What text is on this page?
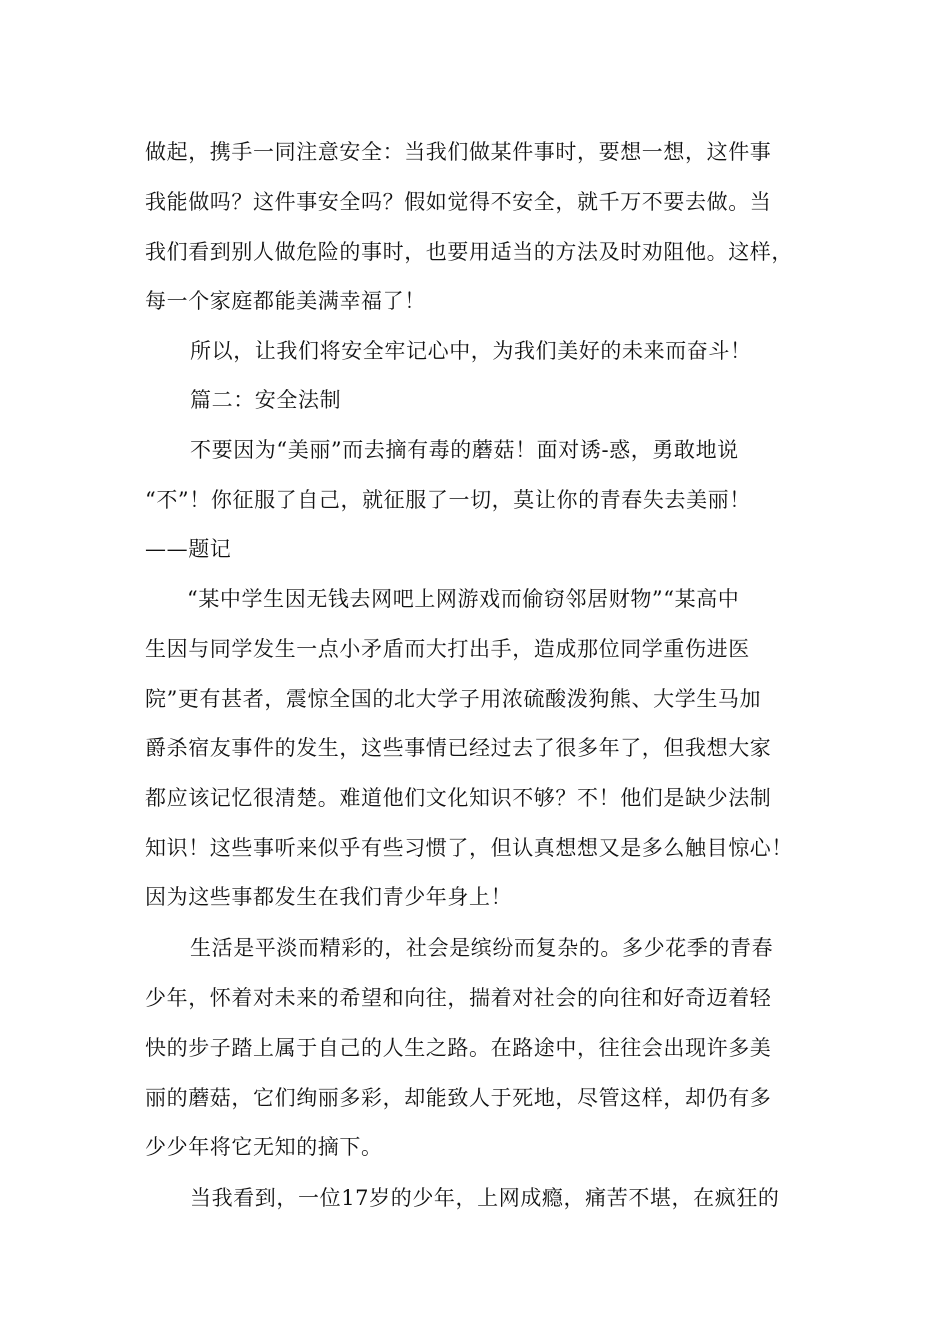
做起，携手一同注意安全：当我们做某件事时，要想一想，这件事
我能做吗？这件事安全吗？假如觉得不安全，就千万不要去做。当
我们看到别人做危险的事时，也要用适当的方法及时劝阻他。这样，
每一个家庭都能美满幸福了！
所以，让我们将安全牢记心中，为我们美好的未来而奋斗！
篇二：安全法制
不要因为“美丽”而去摘有毒的蘑菇！面对诱-惑，勇敢地说
“不”！你征服了自己，就征服了一切，莫让你的青春失去美丽！
——题记
“某中学生因无钱去网吧上网游戏而偷窃邻居财物”“某高中
生因与同学发生一点小矛盾而大打出手，造成那位同学重伤进医
院”更有甚者，震惊全国的北大学子用浓硫酸泼狗熊、大学生马加
爵杀宿友事件的发生，这些事情已经过去了很多年了，但我想大家
都应该记忆很清楚。难道他们文化知识不够？不！他们是缺少法制
知识！这些事听来似乎有些习惯了，但认真想想又是多么触目惊心！
因为这些事都发生在我们青少年身上！
生活是平淡而精彩的，社会是缤纷而复杂的。多少花季的青春
少年，怀着对未来的希望和向往，揣着对社会的向往和好奇迈着轻
快的步子踏上属于自己的人生之路。在路途中，往往会出现许多美
丽的蘑菇，它们绚丽多彩，却能致人于死地，尽管这样，却仍有多
少少年将它无知的摘下。
当我看到，一位17岁的少年，上网成瘾，痛苦不堪，在疯狂的
